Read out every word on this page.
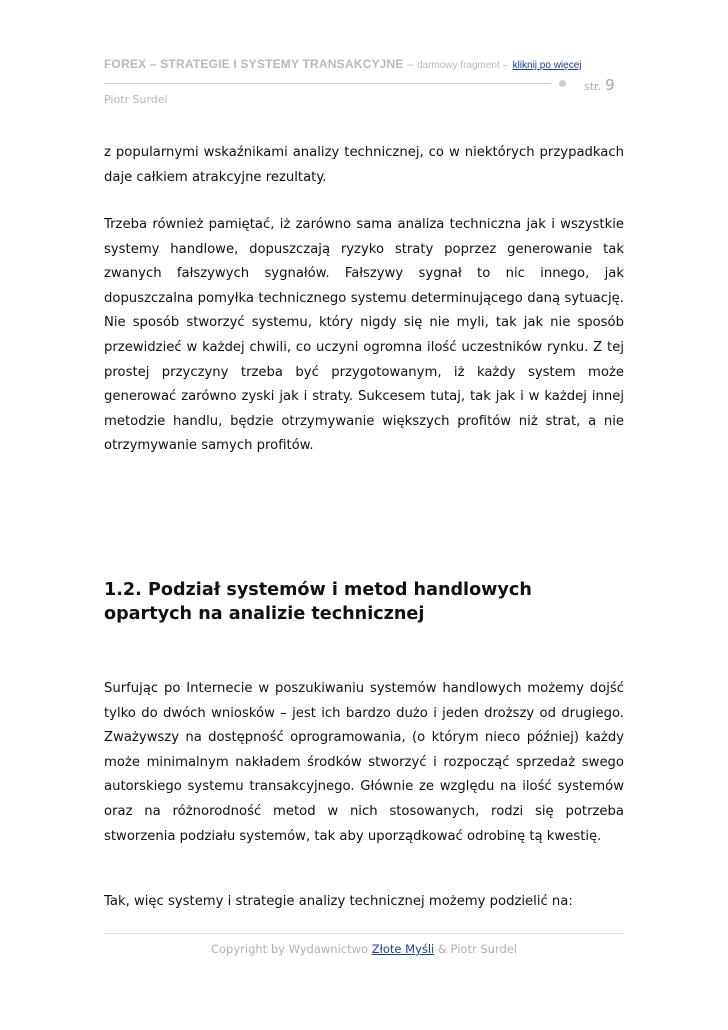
FOREX – STRATEGIE I SYSTEMY TRANSAKCYJNE – darmowy fragment – kliknij po więcej
str. 9
Piotr Surdel

z popularnymi wskaźnikami analizy technicznej, co w niektórych przypadkach daje całkiem atrakcyjne rezultaty.

Trzeba również pamiętać, iż zarówno sama analiza techniczna jak i wszystkie systemy handlowe, dopuszczają ryzyko straty poprzez generowanie tak zwanych fałszywych sygnałów. Fałszywy sygnał to nic innego, jak dopuszczalna pomyłka technicznego systemu determinującego daną sytuację. Nie sposób stworzyć systemu, który nigdy się nie myli, tak jak nie sposób przewidzieć w każdej chwili, co uczyni ogromna ilość uczestników rynku. Z tej prostej przyczyny trzeba być przygotowanym, iż każdy system może generować zarówno zyski jak i straty. Sukcesem tutaj, tak jak i w każdej innej metodzie handlu, będzie otrzymywanie większych profitów niż strat, a nie otrzymywanie samych profitów.

1.2. Podział systemów i metod handlowych opartych na analizie technicznej

Surfując po Internecie w poszukiwaniu systemów handlowych możemy dojść tylko do dwóch wniosków – jest ich bardzo dużo i jeden droższy od drugiego. Zważywszy na dostępność oprogramowania, (o którym nieco później) każdy może minimalnym nakładem środków stworzyć i rozpocząć sprzedaż swego autorskiego systemu transakcyjnego. Głównie ze względu na ilość systemów oraz na różnorodność metod w nich stosowanych, rodzi się potrzeba stworzenia podziału systemów, tak aby uporządkować odrobinę tą kwestię.

Tak, więc systemy i strategie analizy technicznej możemy podzielić na:

Copyright by Wydawnictwo Złote Myśli & Piotr Surdel
